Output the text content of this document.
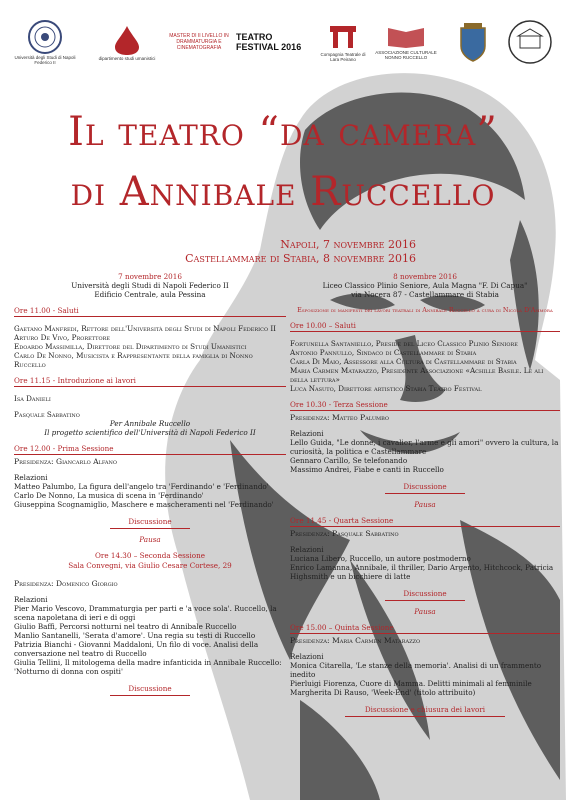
Università degli Studi di Napoli Federico II
dipartimento studi umanistici
MASTER DI II LIVELLO IN DRAMMATURGIA E CINEMATOGRAFIA
TEATRO FESTIVAL 2016
Compagnia Teatrale di Lara Peirano
ASSOCIAZIONE CULTURALE NONNO RUCCELLO
Il teatro “da camera”
di Annibale Ruccello
Napoli, 7 novembre 2016
Castellammare di Stabia, 8 novembre 2016
7 novembre 2016
Università degli Studi di Napoli Federico II
Edificio Centrale, aula Pessina
Ore 11.00 - Saluti

Gaetano Manfredi, Rettore dell'Università degli Studi di Napoli Federico II

Arturo De Vivo, Prorettore

Edoardo Massimilla, Direttore del Dipartimento di Studi Umanistici

Carlo De Nonno, Musicista e Rappresentante della famiglia di Nonno Ruccello

Ore 11.15 - Introduzione ai lavori

Isa Danieli

Pasquale Sabbatino

Per Annibale Ruccello

Il progetto scientifico dell'Università di Napoli Federico II

Ore 12.00 - Prima Sessione
Presidenza: Giancarlo Alfano
Relazioni

Matteo Palumbo, La figura dell'angelo tra 'Ferdinando' e 'Ferdinando'

Carlo De Nonno, La musica di scena in 'Ferdinando'

Giuseppina Scognamiglio, Maschere e mascheramenti nel 'Ferdinando'

Discussione
Pausa
Ore 14.30 – Seconda Sessione
Sala Convegni, via Giulio Cesare Cortese, 29
Presidenza: Domenico Giorgio
Relazioni

Pier Mario Vescovo, Drammaturgia per parti e 'a voce sola'. Ruccello, la scena napoletana di ieri e di oggi

Giulio Baffi, Percorsi notturni nel teatro di Annibale Ruccello

Manlio Santanelli, 'Serata d'amore'. Una regia su testi di Ruccello

Patrizia Bianchi - Giovanni Maddaloni, Un filo di voce. Analisi della conversazione nel teatro di Ruccello

Giulia Tellini, Il mitologema della madre infanticida in Annibale Ruccello: 'Notturno di donna con ospiti'

Discussione
8 novembre 2016
Liceo Classico Plinio Seniore, Aula Magna "F. Di Capua"
via Nocera 87 - Castellammare di Stabia
Esposizione di manifesti dei lavori teatrali di Annibale Ruccello a cura di Nicola D'Ammora
Ore 10.00 – Saluti

Fortunella Santaniello, Preside del Liceo Classico Plinio Seniore

Antonio Pannullo, Sindaco di Castellammare di Stabia

Carla Di Maio, Assessore alla Cultura di Castellammare di Stabia

Maria Carmen Matarazzo, Presidente Associazione «Achille Basile. Le ali della lettura»

Luca Nasuto, Direttore artistico Stabia Teatro Festival

Ore 10.30 - Terza Sessione
Presidenza: Matteo Palumbo
Relazioni

Lello Guida, "Le donne, i cavalier, l'arme e gli amori" ovvero la cultura, la curiosità, la politica e Castellammare

Gennaro Carillo, Se telefonando

Massimo Andrei, Fiabe e canti in Ruccello

Discussione
Pausa
Ore 11.45 - Quarta Sessione
Presidenza: Pasquale Sabbatino
Relazioni

Luciana Libero, Ruccello, un autore postmoderno

Enrico Lamanna, Annibale, il thriller, Dario Argento, Hitchcock, Patricia Highsmith e un bicchiere di latte

Discussione
Pausa
Ore 15.00 – Quinta Sessione
Presidenza: Maria Carmen Matarazzo
Relazioni

Monica Citarella, 'Le stanze della memoria'. Analisi di un frammento inedito

Pierluigi Fiorenza, Cuore di Mamma. Delitti minimali al femminile

Margherita Di Rauso, 'Week-End' (titolo attribuito)

Discussione e chiusura dei lavori
